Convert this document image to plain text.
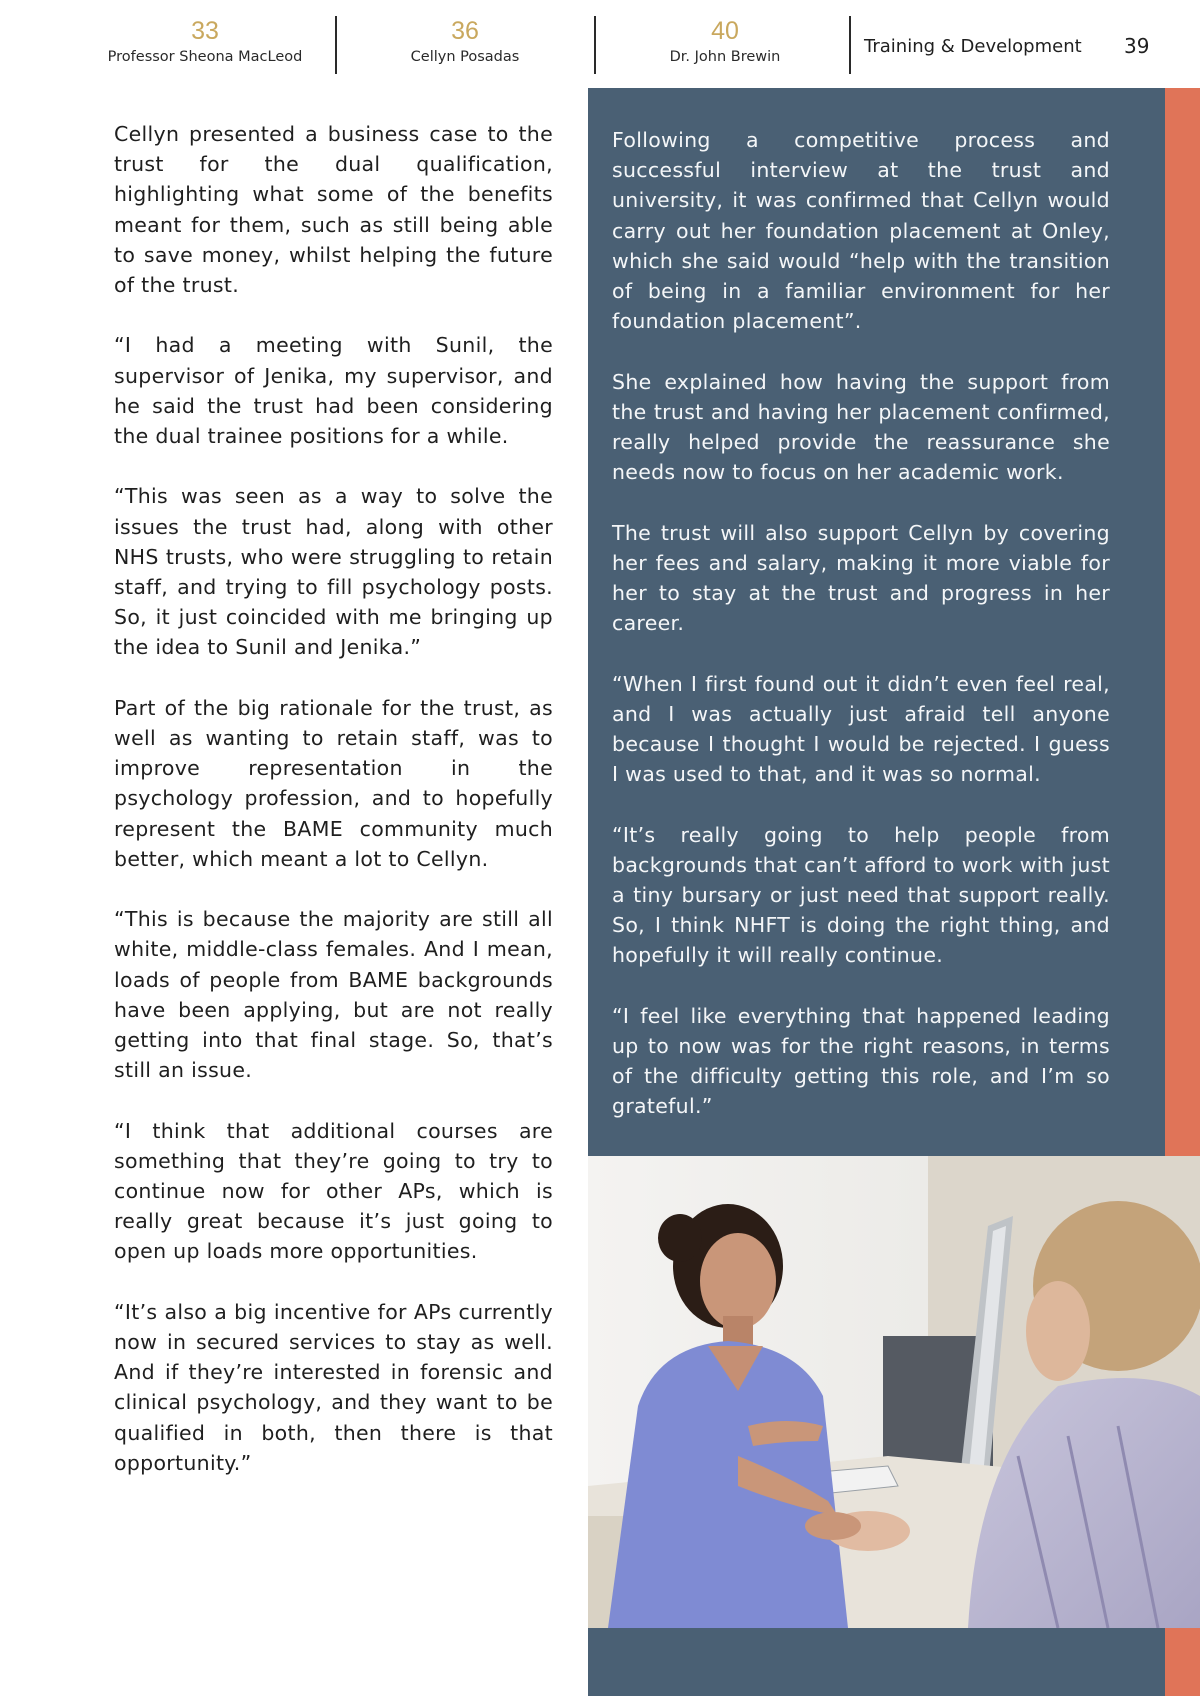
33
Professor Sheona MacLeod
36
Cellyn Posadas
40
Dr. John Brewin	Training & Development 39

Cellyn presented a business case to the trust for the dual qualification, highlighting what some of the benefits meant for them, such as still being able to save money, whilst helping the future of the trust.

“I had a meeting with Sunil, the supervisor of Jenika, my supervisor, and he said the trust had been considering the dual trainee positions for a while.

“This was seen as a way to solve the issues the trust had, along with other NHS trusts, who were struggling to retain staff, and trying to fill psychology posts. So, it just coincided with me bringing up the idea to Sunil and Jenika.”

Part of the big rationale for the trust, as well as wanting to retain staff, was to improve representation in the psychology profession, and to hopefully represent the BAME community much better, which meant a lot to Cellyn.

“This is because the majority are still all white, middle-class females. And I mean, loads of people from BAME backgrounds have been applying, but are not really getting into that final stage. So, that’s still an issue.

“I think that additional courses are something that they’re going to try to continue now for other APs, which is really great because it’s just going to open up loads more opportunities.

“It’s also a big incentive for APs currently now in secured services to stay as well. And if they’re interested in forensic and clinical psychology, and they want to be qualified in both, then there is that opportunity.”

Following a competitive process and successful interview at the trust and university, it was confirmed that Cellyn would carry out her foundation placement at Onley, which she said would “help with the transition of being in a familiar environment for her foundation placement”.

She explained how having the support from the trust and having her placement confirmed, really helped provide the reassurance she needs now to focus on her academic work.

The trust will also support Cellyn by covering her fees and salary, making it more viable for her to stay at the trust and progress in her career.

“When I first found out it didn’t even feel real, and I was actually just afraid tell anyone because I thought I would be rejected. I guess I was used to that, and it was so normal.

“It’s really going to help people from backgrounds that can’t afford to work with just a tiny bursary or just need that support really. So, I think NHFT is doing the right thing, and hopefully it will really continue.

“I feel like everything that happened leading up to now was for the right reasons, in terms of the difficulty getting this role, and I’m so grateful.”
